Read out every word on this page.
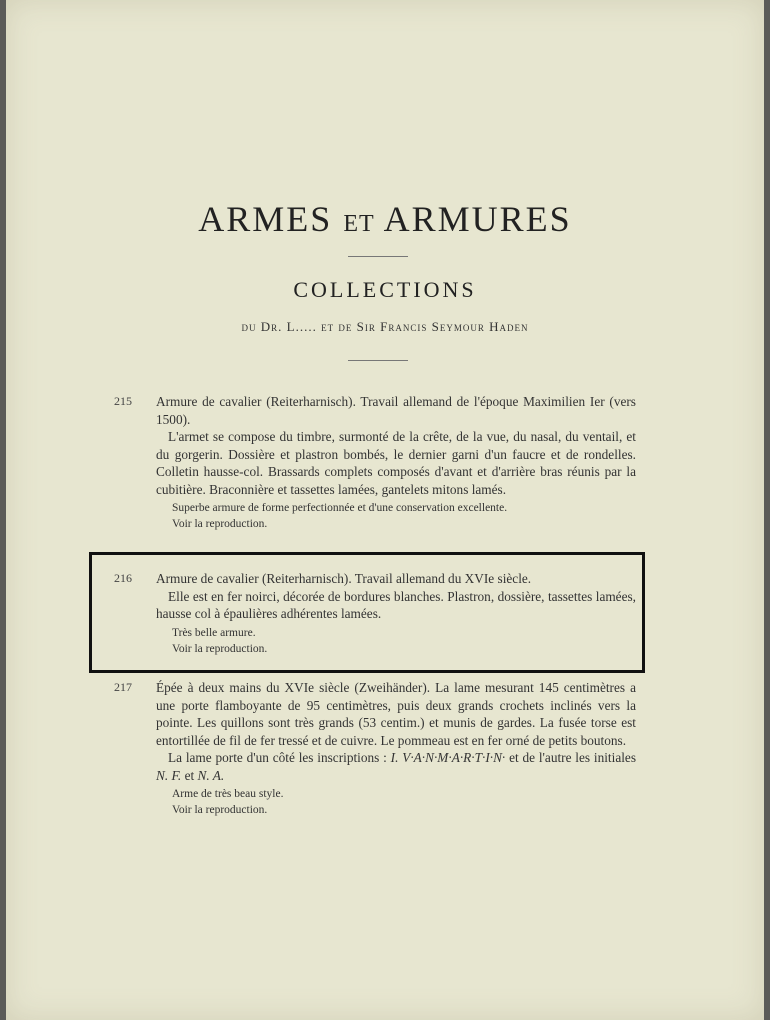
ARMES ET ARMURES
COLLECTIONS
du Dr. L..... et de Sir Francis Seymour Haden
215	Armure de cavalier (Reiterharnisch). Travail allemand de l'époque Maximilien Ier (vers 1500).

L'armet se compose du timbre, surmonté de la crête, de la vue, du nasal, du ventail, et du gorgerin. Dossière et plastron bombés, le dernier garni d'un faucre et de rondelles. Colletin hausse-col. Brassards complets composés d'avant et d'arrière bras réunis par la cubitière. Braconnière et tassettes lamées, gantelets mitons lamés.

Superbe armure de forme perfectionnée et d'une conservation excellente.

Voir la reproduction.

216	Armure de cavalier (Reiterharnisch). Travail allemand du XVIe siècle.

Elle est en fer noirci, décorée de bordures blanches. Plastron, dossière, tassettes lamées, hausse col à épaulières adhérentes lamées.

Très belle armure.

Voir la reproduction.

217	Épée à deux mains du XVIe siècle (Zweihänder). La lame mesurant 145 centimètres a une porte flamboyante de 95 centimètres, puis deux grands crochets inclinés vers la pointe. Les quillons sont très grands (53 centim.) et munis de gardes. La fusée torse est entortillée de fil de fer tressé et de cuivre. Le pommeau est en fer orné de petits boutons.

La lame porte d'un côté les inscriptions : I. V·A·N·M·A·R·T·I·N· et de l'autre les initiales N. F. et N. A.

Arme de très beau style.

Voir la reproduction.
